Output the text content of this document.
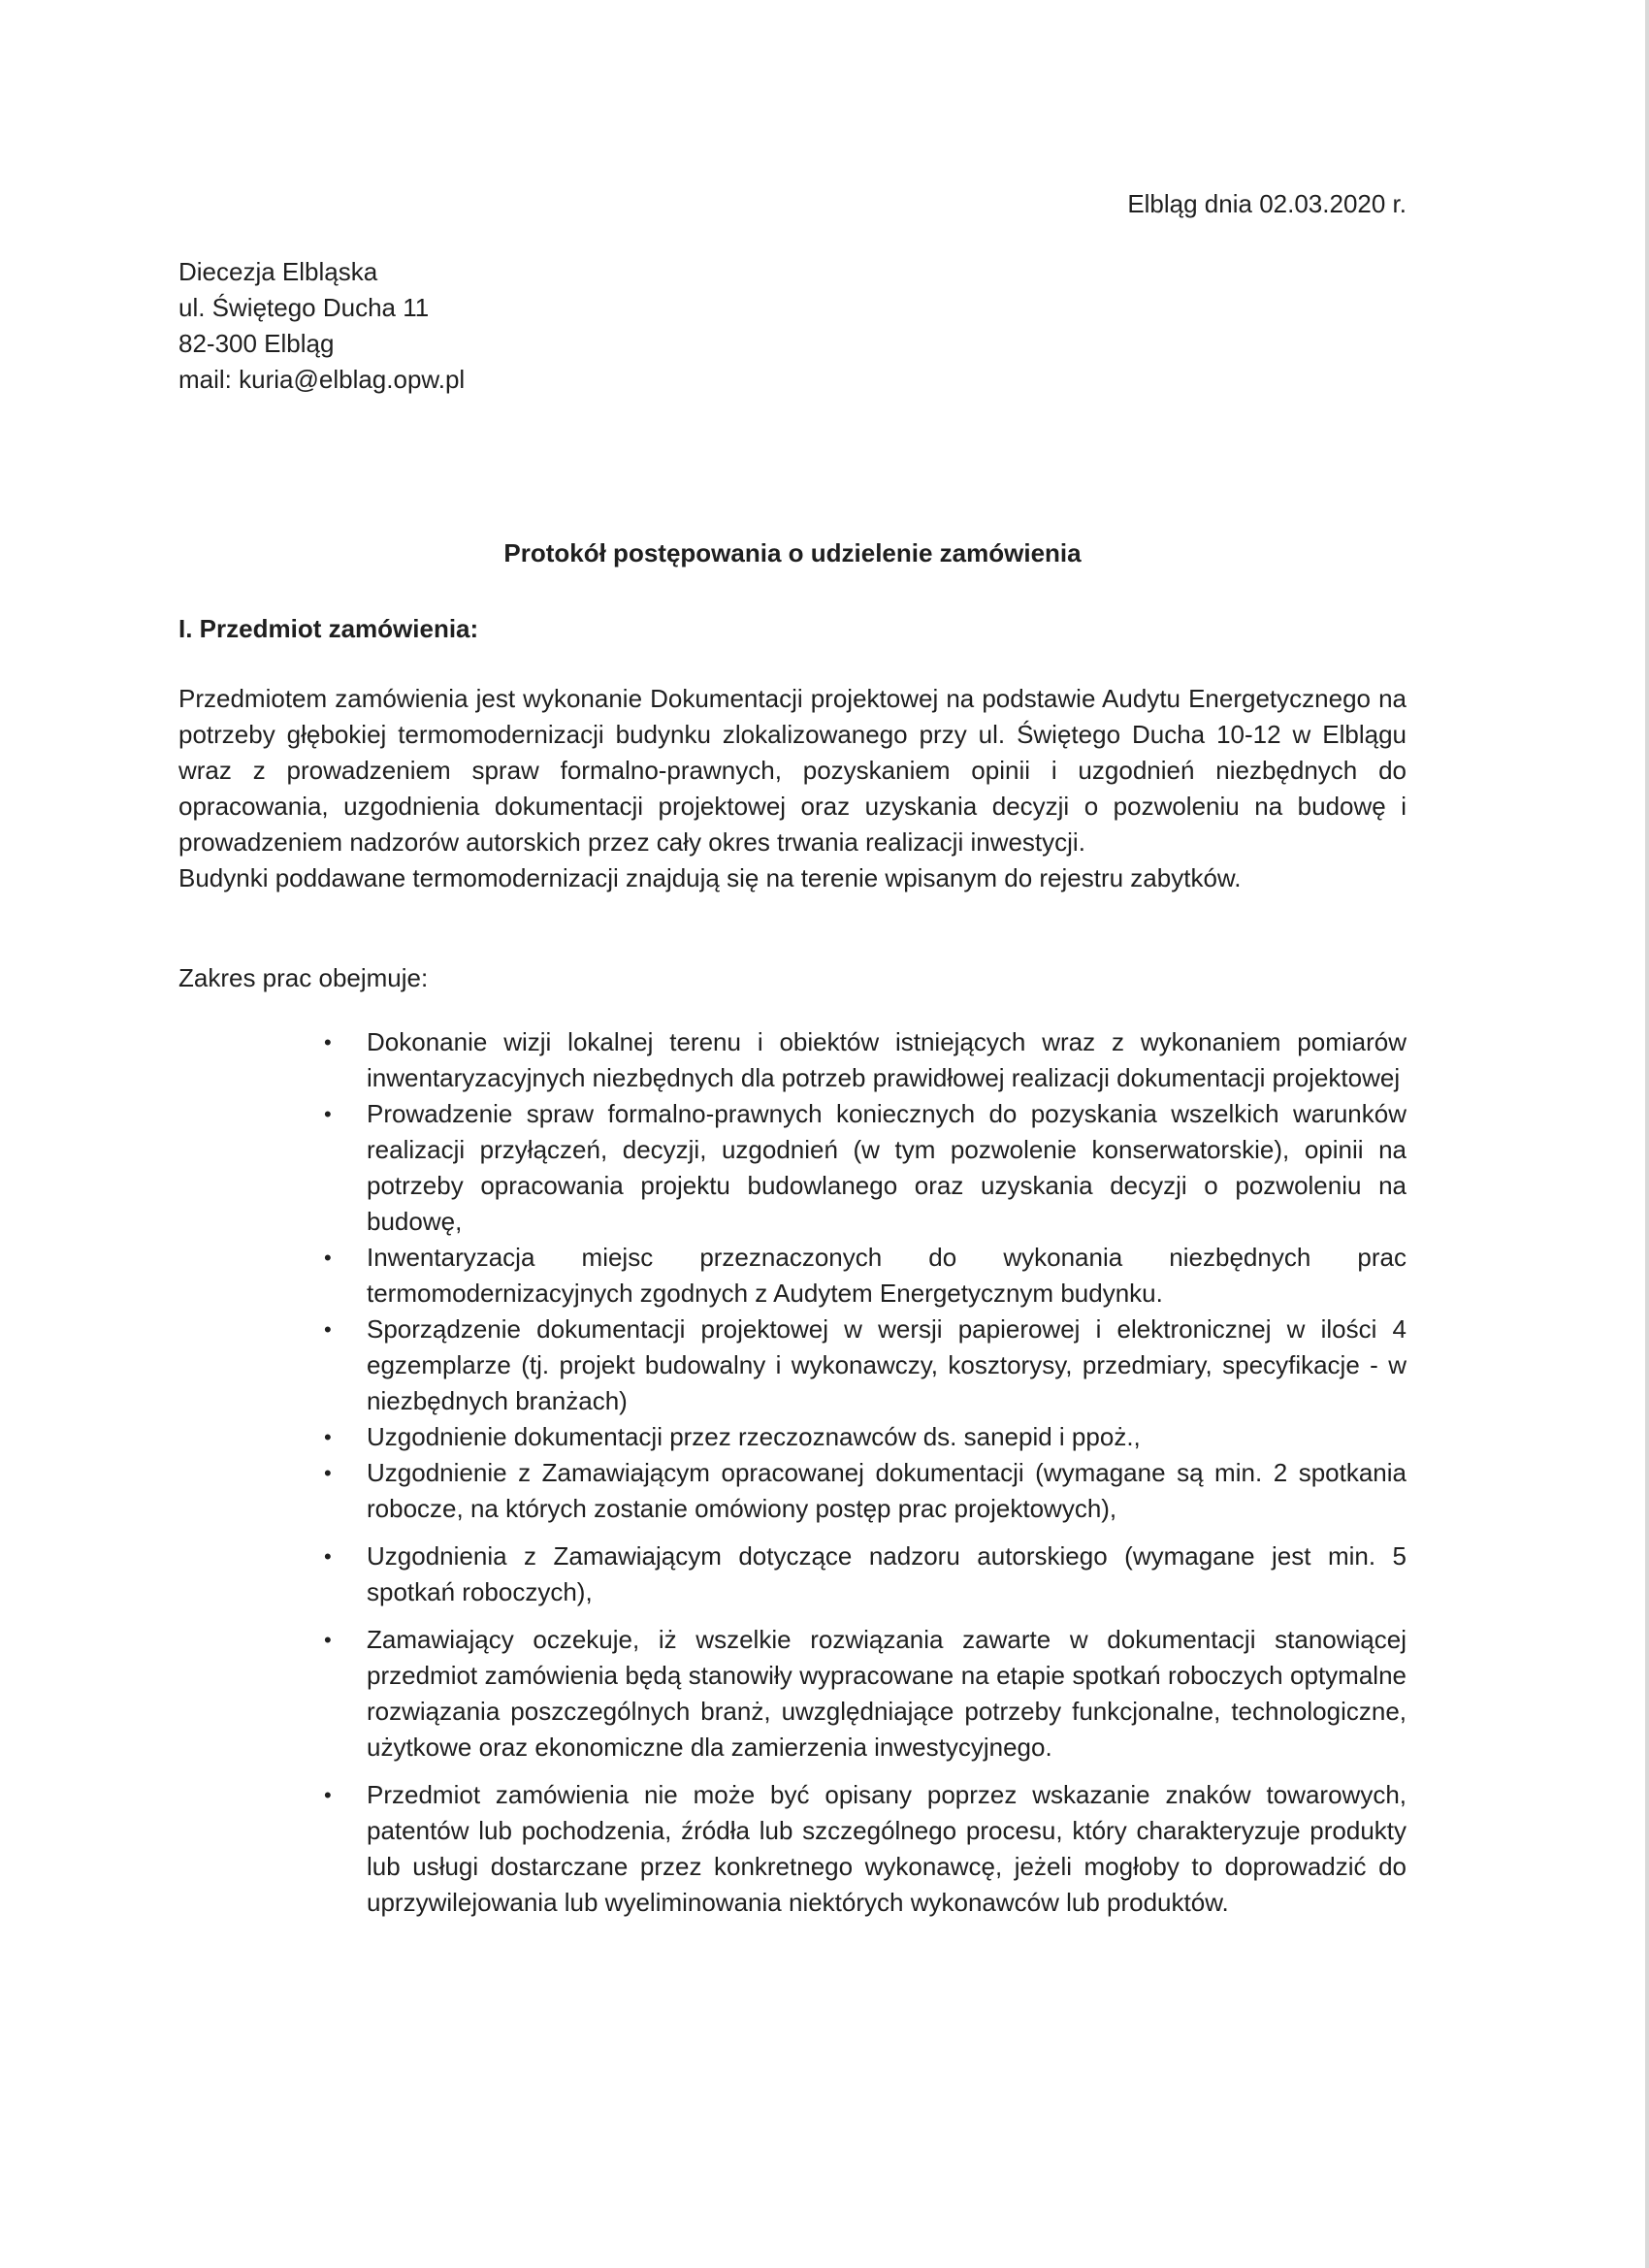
Elbląg dnia 02.03.2020 r.
Diecezja Elbląska
ul. Świętego Ducha 11
82-300 Elbląg
mail: kuria@elblag.opw.pl
Protokół postępowania o udzielenie zamówienia
I. Przedmiot zamówienia:

Przedmiotem zamówienia jest wykonanie Dokumentacji projektowej na podstawie Audytu Energetycznego na potrzeby głębokiej termomodernizacji budynku zlokalizowanego przy ul. Świętego Ducha 10-12 w Elblągu wraz z prowadzeniem spraw formalno-prawnych, pozyskaniem opinii i uzgodnień niezbędnych do opracowania, uzgodnienia dokumentacji projektowej oraz uzyskania decyzji o pozwoleniu na budowę i prowadzeniem nadzorów autorskich przez cały okres trwania realizacji inwestycji.

Budynki poddawane termomodernizacji znajdują się na terenie wpisanym do rejestru zabytków.

Zakres prac obejmuje:
• Dokonanie wizji lokalnej terenu i obiektów istniejących wraz z wykonaniem pomiarów inwentaryzacyjnych niezbędnych dla potrzeb prawidłowej realizacji dokumentacji projektowej
• Prowadzenie spraw formalno-prawnych koniecznych do pozyskania wszelkich warunków realizacji przyłączeń, decyzji, uzgodnień (w tym pozwolenie konserwatorskie), opinii na potrzeby opracowania projektu budowlanego oraz uzyskania decyzji o pozwoleniu na budowę,
• Inwentaryzacja miejsc przeznaczonych do wykonania niezbędnych prac termomodernizacyjnych zgodnych z Audytem Energetycznym budynku.
• Sporządzenie dokumentacji projektowej w wersji papierowej i elektronicznej w ilości 4 egzemplarze (tj. projekt budowalny i wykonawczy, kosztorysy, przedmiary, specyfikacje - w niezbędnych branżach)
• Uzgodnienie dokumentacji przez rzeczoznawców ds. sanepid i ppoż.,
• Uzgodnienie z Zamawiającym opracowanej dokumentacji (wymagane są min. 2 spotkania robocze, na których zostanie omówiony postęp prac projektowych),
• Uzgodnienia z Zamawiającym dotyczące nadzoru autorskiego (wymagane jest min. 5 spotkań roboczych),
• Zamawiający oczekuje, iż wszelkie rozwiązania zawarte w dokumentacji stanowiącej przedmiot zamówienia będą stanowiły wypracowane na etapie spotkań roboczych optymalne rozwiązania poszczególnych branż, uwzględniające potrzeby funkcjonalne, technologiczne, użytkowe oraz ekonomiczne dla zamierzenia inwestycyjnego.
• Przedmiot zamówienia nie może być opisany poprzez wskazanie znaków towarowych, patentów lub pochodzenia, źródła lub szczególnego procesu, który charakteryzuje produkty lub usługi dostarczane przez konkretnego wykonawcę, jeżeli mogłoby to doprowadzić do uprzywilejowania lub wyeliminowania niektórych wykonawców lub produktów.
